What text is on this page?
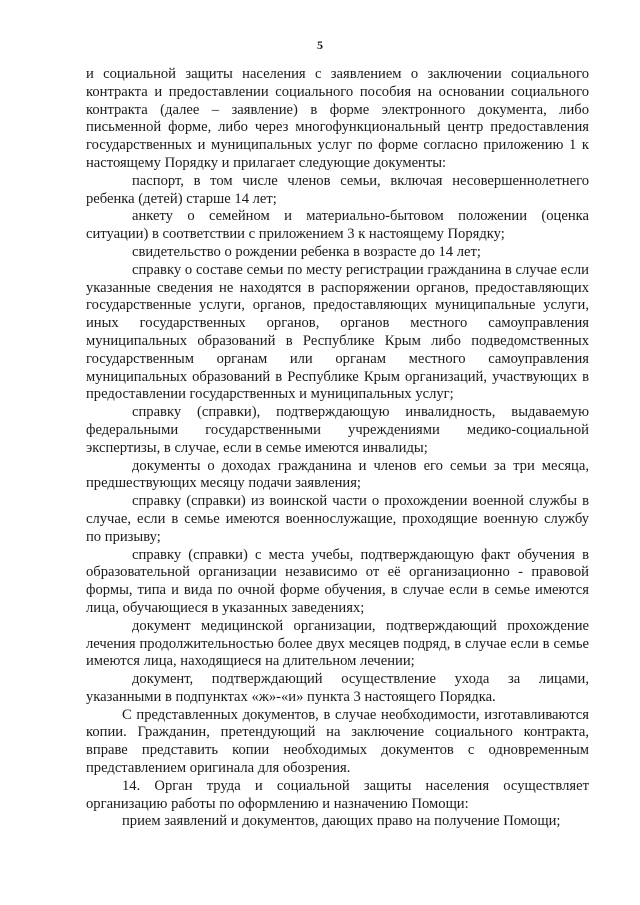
5

и социальной защиты населения с заявлением о заключении социального контракта и предоставлении социального пособия на основании социального контракта (далее – заявление) в форме электронного документа, либо письменной форме, либо через многофункциональный центр предоставления государственных и муниципальных услуг по форме согласно приложению 1 к настоящему Порядку и прилагает следующие документы:

паспорт, в том числе членов семьи, включая несовершеннолетнего ребенка (детей) старше 14 лет;

анкету о семейном и материально-бытовом положении (оценка ситуации) в соответствии с приложением 3 к настоящему Порядку;

свидетельство о рождении ребенка в возрасте до 14 лет;

справку о составе семьи по месту регистрации гражданина в случае если указанные сведения не находятся в распоряжении органов, предоставляющих государственные услуги, органов, предоставляющих муниципальные услуги, иных государственных органов, органов местного самоуправления муниципальных образований в Республике Крым либо подведомственных государственным органам или органам местного самоуправления муниципальных образований в Республике Крым организаций, участвующих в предоставлении государственных и муниципальных услуг;

справку (справки), подтверждающую инвалидность, выдаваемую федеральными государственными учреждениями медико-социальной экспертизы, в случае, если в семье имеются инвалиды;

документы о доходах гражданина и членов его семьи за три месяца, предшествующих месяцу подачи заявления;

справку (справки) из воинской части о прохождении военной службы в случае, если в семье имеются военнослужащие, проходящие военную службу по призыву;

справку (справки) с места учебы, подтверждающую факт обучения в образовательной организации независимо от её организационно - правовой формы, типа и вида по очной форме обучения, в случае если в семье имеются лица, обучающиеся в указанных заведениях;

документ медицинской организации, подтверждающий прохождение лечения продолжительностью более двух месяцев подряд, в случае если в семье имеются лица, находящиеся на длительном лечении;

документ, подтверждающий осуществление ухода за лицами, указанными в подпунктах «ж»-«и» пункта 3 настоящего Порядка.

С представленных документов, в случае необходимости, изготавливаются копии. Гражданин, претендующий на заключение социального контракта, вправе представить копии необходимых документов с одновременным представлением оригинала для обозрения.

14. Орган труда и социальной защиты населения осуществляет организацию работы по оформлению и назначению Помощи:

прием заявлений и документов, дающих право на получение Помощи;
